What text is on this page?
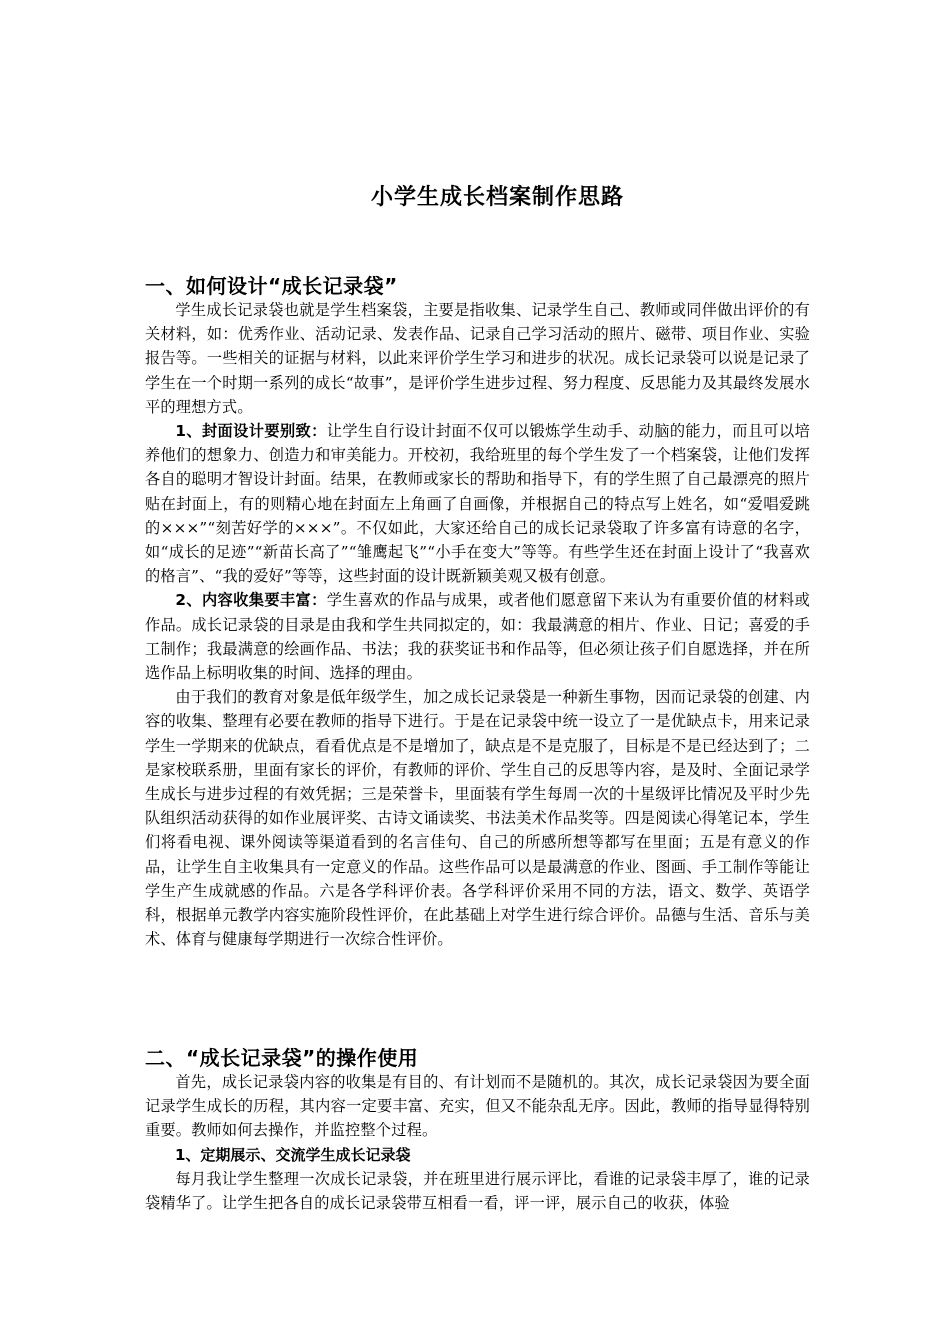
小学生成长档案制作思路
一、如何设计“成长记录袋”

学生成长记录袋也就是学生档案袋，主要是指收集、记录学生自己、教师或同伴做出评价的有关材料，如：优秀作业、活动记录、发表作品、记录自己学习活动的照片、磁带、项目作业、实验报告等。一些相关的证据与材料，以此来评价学生学习和进步的状况。成长记录袋可以说是记录了学生在一个时期一系列的成长“故事”，是评价学生进步过程、努力程度、反思能力及其最终发展水平的理想方式。

1、封面设计要别致：让学生自行设计封面不仅可以锻炼学生动手、动脑的能力，而且可以培养他们的想象力、创造力和审美能力。开校初，我给班里的每个学生发了一个档案袋，让他们发挥各自的聪明才智设计封面。结果，在教师或家长的帮助和指导下，有的学生照了自己最漂亮的照片贴在封面上，有的则精心地在封面左上角画了自画像，并根据自己的特点写上姓名，如“爱唱爱跳的×××”“刻苦好学的×××”。不仅如此，大家还给自己的成长记录袋取了许多富有诗意的名字，如“成长的足迹”“新苗长高了”“雏鹰起飞”“小手在变大”等等。有些学生还在封面上设计了“我喜欢的格言”、“我的爱好”等等，这些封面的设计既新颖美观又极有创意。

2、内容收集要丰富：学生喜欢的作品与成果，或者他们愿意留下来认为有重要价值的材料或作品。成长记录袋的目录是由我和学生共同拟定的，如：我最满意的相片、作业、日记；喜爱的手工制作；我最满意的绘画作品、书法；我的获奖证书和作品等，但必须让孩子们自愿选择，并在所选作品上标明收集的时间、选择的理由。

由于我们的教育对象是低年级学生，加之成长记录袋是一种新生事物，因而记录袋的创建、内容的收集、整理有必要在教师的指导下进行。于是在记录袋中统一设立了一是优缺点卡，用来记录学生一学期来的优缺点，看看优点是不是增加了，缺点是不是克服了，目标是不是已经达到了；二是家校联系册，里面有家长的评价，有教师的评价、学生自己的反思等内容，是及时、全面记录学生成长与进步过程的有效凭据；三是荣誉卡，里面装有学生每周一次的十星级评比情况及平时少先队组织活动获得的如作业展评奖、古诗文诵读奖、书法美术作品奖等。四是阅读心得笔记本，学生们将看电视、课外阅读等渠道看到的名言佳句、自己的所感所想等都写在里面；五是有意义的作品，让学生自主收集具有一定意义的作品。这些作品可以是最满意的作业、图画、手工制作等能让学生产生成就感的作品。六是各学科评价表。各学科评价采用不同的方法，语文、数学、英语学科，根据单元教学内容实施阶段性评价，在此基础上对学生进行综合评价。品德与生活、音乐与美术、体育与健康每学期进行一次综合性评价。

二、“成长记录袋”的操作使用

首先，成长记录袋内容的收集是有目的、有计划而不是随机的。其次，成长记录袋因为要全面记录学生成长的历程，其内容一定要丰富、充实，但又不能杂乱无序。因此，教师的指导显得特别重要。教师如何去操作，并监控整个过程。

1、定期展示、交流学生成长记录袋

每月我让学生整理一次成长记录袋，并在班里进行展示评比，看谁的记录袋丰厚了，谁的记录袋精华了。让学生把各自的成长记录袋带互相看一看，评一评，展示自己的收获，体验
